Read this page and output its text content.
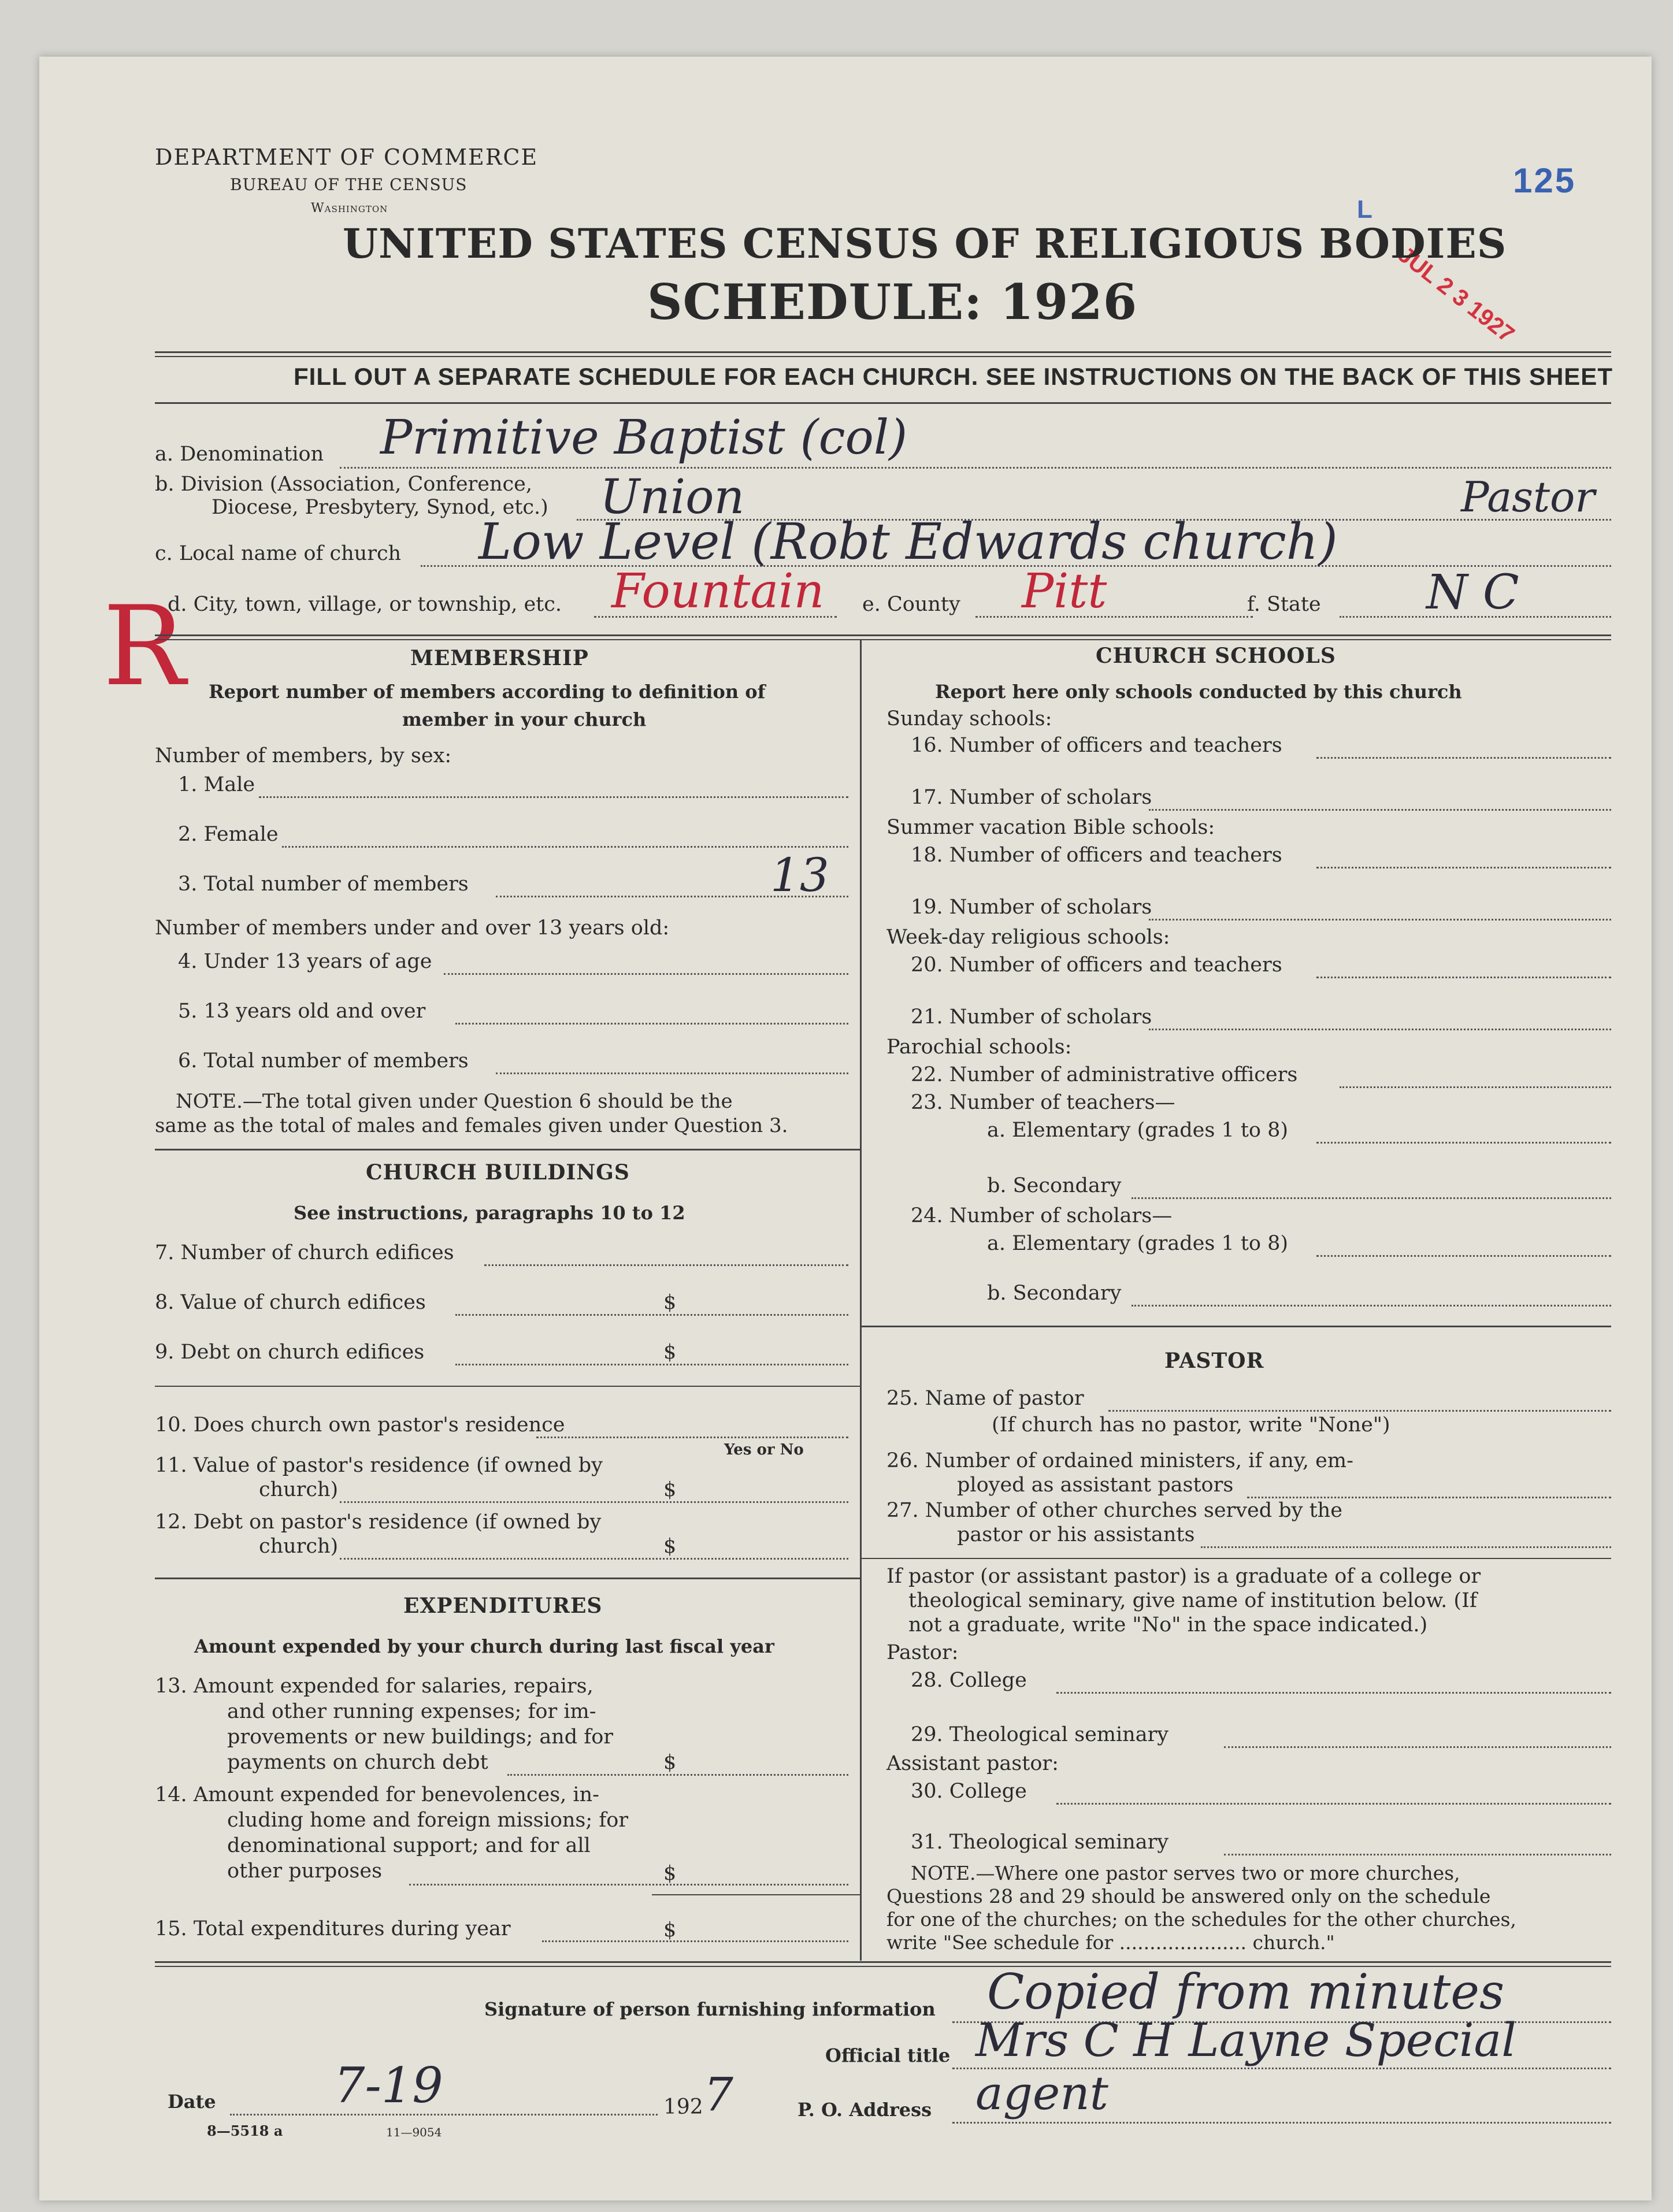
L
125
JUL 2 3 1927
DEPARTMENT OF COMMERCE
BUREAU OF THE CENSUS
Washington
UNITED STATES CENSUS OF RELIGIOUS BODIES
SCHEDULE: 1926
FILL OUT A SEPARATE SCHEDULE FOR EACH CHURCH. SEE INSTRUCTIONS ON THE BACK OF THIS SHEET
a. Denomination Primitive Baptist (col)
b. Division (Association, Conference,
Diocese, Presbytery, Synod, etc.) Union
c. Local name of church Low Level (Robt Edwards church)
Pastor
R
d. City, town, village, or township, etc. Fountain e. County Pitt	f. State N C
MEMBERSHIP
Report number of members according to definition of
member in your church
Number of members, by sex:
1. Male
2. Female
3. Total number of members	13
Number of members under and over 13 years old:
4. Under 13 years of age
5. 13 years old and over
6. Total number of members
NOTE.—The total given under Question 6 should be the
same as the total of males and females given under Question 3.
CHURCH BUILDINGS
See instructions, paragraphs 10 to 12
7. Number of church edifices
8. Value of church edifices	$
9. Debt on church edifices	$
10. Does church own pastor's residence
Yes or No
11. Value of pastor's residence (if owned by
church)	$
12. Debt on pastor's residence (if owned by
church)	$
EXPENDITURES
Amount expended by your church during last fiscal year
13. Amount expended for salaries, repairs,
and other running expenses; for im-
provements or new buildings; and for
payments on church debt	$
14. Amount expended for benevolences, in-
cluding home and foreign missions; for
denominational support; and for all
other purposes	$
15. Total expenditures during year	$
CHURCH SCHOOLS
Report here only schools conducted by this church
Sunday schools:
16. Number of officers and teachers
17. Number of scholars
Summer vacation Bible schools:
18. Number of officers and teachers
19. Number of scholars
Week-day religious schools:
20. Number of officers and teachers
21. Number of scholars
Parochial schools:
22. Number of administrative officers
23. Number of teachers—
a. Elementary (grades 1 to 8)
b. Secondary
24. Number of scholars—
a. Elementary (grades 1 to 8)
b. Secondary
PASTOR
25. Name of pastor
(If church has no pastor, write "None")
26. Number of ordained ministers, if any, em-
ployed as assistant pastors
27. Number of other churches served by the
pastor or his assistants
If pastor (or assistant pastor) is a graduate of a college or
theological seminary, give name of institution below. (If
not a graduate, write "No" in the space indicated.)
Pastor:
28. College
29. Theological seminary
Assistant pastor:
30. College
31. Theological seminary
NOTE.—Where one pastor serves two or more churches,
Questions 28 and 29 should be answered only on the schedule
for one of the churches; on the schedules for the other churches,
write "See schedule for ..................... church."
Signature of person furnishing information Copied from minutes
Official title Mrs C H Layne Special
Date 7-19	192 7	P. O. Address agent
8—5518 a	11—9054
